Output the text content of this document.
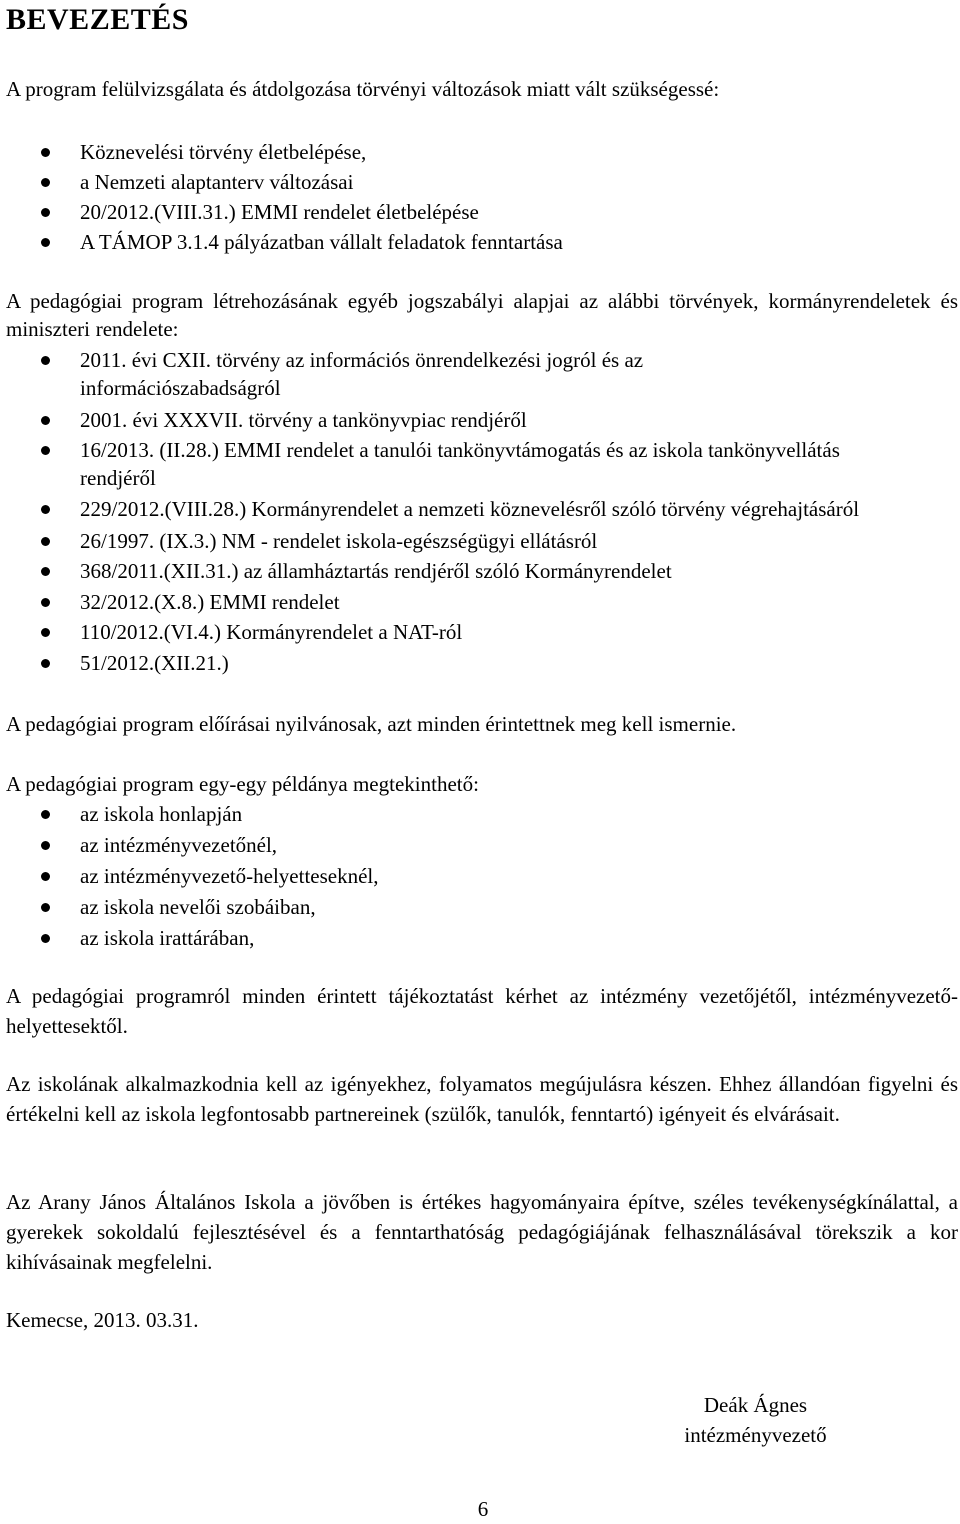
BEVEZETÉS

A program felülvizsgálata és átdolgozása törvényi változások miatt vált szükségessé:

Köznevelési törvény életbelépése,
a Nemzeti alaptanterv változásai
20/2012.(VIII.31.) EMMI rendelet életbelépése
A TÁMOP 3.1.4 pályázatban vállalt feladatok fenntartása

A pedagógiai program létrehozásának egyéb jogszabályi alapjai az alábbi törvények, kormányrendeletek és miniszteri rendelete:

2011. évi CXII. törvény az információs önrendelkezési jogról és az információszabadságról
2001. évi XXXVII. törvény a tankönyvpiac rendjéről
16/2013. (II.28.) EMMI rendelet a tanulói tankönyvtámogatás és az iskola tankönyvellátás rendjéről
229/2012.(VIII.28.) Kormányrendelet a nemzeti köznevelésről szóló törvény végrehajtásáról
26/1997. (IX.3.) NM - rendelet iskola-egészségügyi ellátásról
368/2011.(XII.31.) az államháztartás rendjéről szóló Kormányrendelet
32/2012.(X.8.) EMMI rendelet
110/2012.(VI.4.) Kormányrendelet a NAT-ról
51/2012.(XII.21.)

A pedagógiai program előírásai nyilvánosak, azt minden érintettnek meg kell ismernie.

A pedagógiai program egy-egy példánya megtekinthető:

az iskola honlapján
az intézményvezetőnél,
az intézményvezető-helyetteseknél,
az iskola nevelői szobáiban,
az iskola irattárában,

A pedagógiai programról minden érintett tájékoztatást kérhet az intézmény vezetőjétől, intézményvezető-helyettesektől.

Az iskolának alkalmazkodnia kell az igényekhez, folyamatos megújulásra készen. Ehhez állandóan figyelni és értékelni kell az iskola legfontosabb partnereinek (szülők, tanulók, fenntartó) igényeit és elvárásait.

Az Arany János Általános Iskola a jövőben is értékes hagyományaira építve, széles tevékenységkínálattal, a gyerekek sokoldalú fejlesztésével és a fenntarthatóság pedagógiájának felhasználásával törekszik a kor kihívásainak megfelelni.

Kemecse, 2013. 03.31.

Deák Ágnes
intézményvezető
6
